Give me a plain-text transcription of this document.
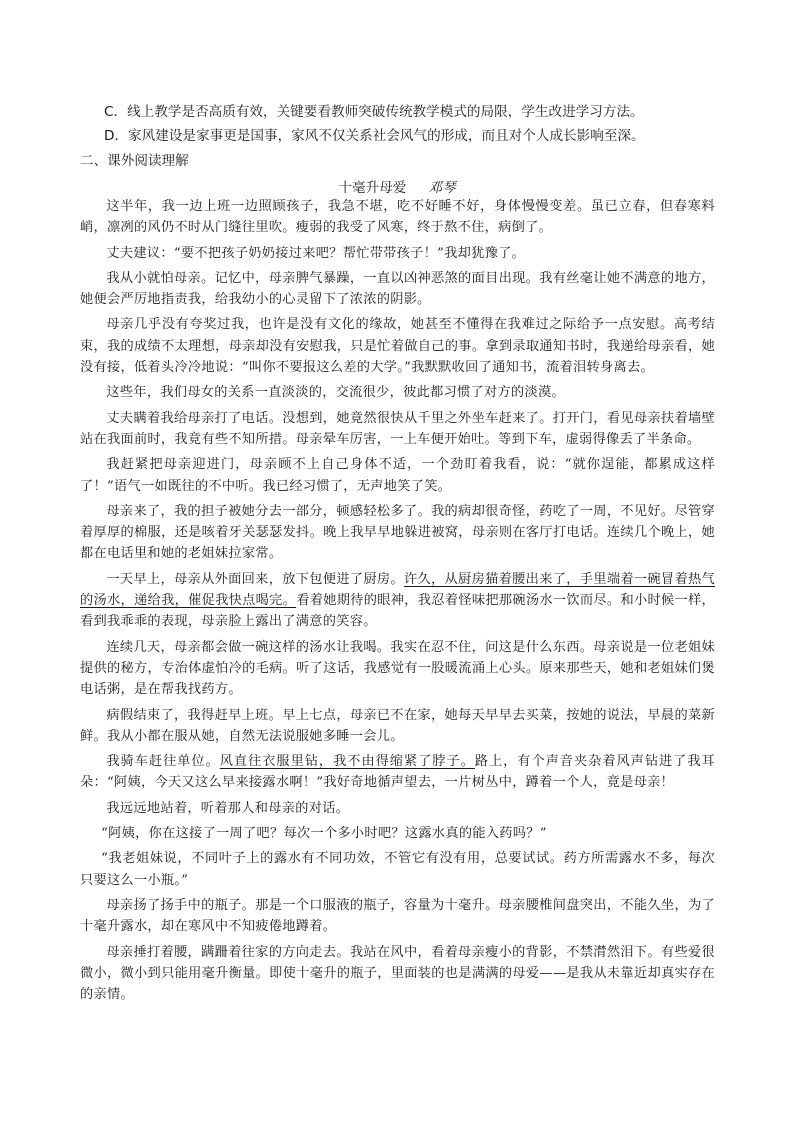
C．线上教学是否高质有效，关键要看教师突破传统教学模式的局限，学生改进学习方法。
D．家风建设是家事更是国事，家风不仅关系社会风气的形成，而且对个人成长影响至深。
二、课外阅读理解
十毫升母爱 邓琴

这半年，我一边上班一边照顾孩子，我急不堪，吃不好睡不好，身体慢慢变差。虽已立春，但春寒料峭，凛冽的风仍不时从门缝往里吹。瘦弱的我受了风寒，终于熬不住，病倒了。

丈夫建议：“要不把孩子奶奶接过来吧？帮忙带带孩子！”我却犹豫了。

我从小就怕母亲。记忆中，母亲脾气暴躁，一直以凶神恶煞的面目出现。我有丝毫让她不满意的地方，她便会严厉地指责我，给我幼小的心灵留下了浓浓的阴影。

母亲几乎没有夸奖过我，也许是没有文化的缘故，她甚至不懂得在我难过之际给予一点安慰。高考结束，我的成绩不太理想，母亲却没有安慰我，只是忙着做自己的事。拿到录取通知书时，我递给母亲看，她没有接，低着头冷冷地说：“叫你不要报这么差的大学。”我默默收回了通知书，流着泪转身离去。

这些年，我们母女的关系一直淡淡的，交流很少，彼此都习惯了对方的淡漠。

丈夫瞒着我给母亲打了电话。没想到，她竟然很快从千里之外坐车赶来了。打开门，看见母亲扶着墙壁站在我面前时，我竟有些不知所措。母亲晕车厉害，一上车便开始吐。等到下车，虚弱得像丢了半条命。

我赶紧把母亲迎进门，母亲顾不上自己身体不适，一个劲盯着我看，说：“就你逞能，都累成这样了！”语气一如既往的不中听。我已经习惯了，无声地笑了笑。

母亲来了，我的担子被她分去一部分，顿感轻松多了。我的病却很奇怪，药吃了一周，不见好。尽管穿着厚厚的棉服，还是咳着牙关瑟瑟发抖。晚上我早早地躲进被窝，母亲则在客厅打电话。连续几个晚上，她都在电话里和她的老姐妹拉家常。

一天早上，母亲从外面回来，放下包便进了厨房。许久，从厨房猫着腰出来了，手里端着一碗冒着热气的汤水，递给我，催促我快点喝完。看着她期待的眼神，我忍着怪味把那碗汤水一饮而尽。和小时候一样，看到我乖乖的表现，母亲脸上露出了满意的笑容。

连续几天，母亲都会做一碗这样的汤水让我喝。我实在忍不住，问这是什么东西。母亲说是一位老姐妹提供的秘方，专治体虚怕冷的毛病。听了这话，我感觉有一股暖流涌上心头。原来那些天，她和老姐妹们煲电话粥，是在帮我找药方。

病假结束了，我得赶早上班。早上七点，母亲已不在家，她每天早早去买菜，按她的说法，早晨的菜新鲜。我从小都在服从她，自然无法说服她多睡一会儿。

我骑车赶往单位。风直往衣服里钻，我不由得缩紧了脖子。路上，有个声音夹杂着风声钻进了我耳朵：“阿姨，今天又这么早来接露水啊！”我好奇地循声望去，一片树丛中，蹲着一个人，竟是母亲！

我远远地站着，听着那人和母亲的对话。

“阿姨，你在这接了一周了吧？每次一个多小时吧？这露水真的能入药吗？”

“我老姐妹说，不同叶子上的露水有不同功效，不管它有没有用，总要试试。药方所需露水不多，每次只要这么一小瓶。”

母亲扬了扬手中的瓶子。那是一个口服液的瓶子，容量为十毫升。母亲腰椎间盘突出，不能久坐，为了十毫升露水，却在寒风中不知疲倦地蹲着。

母亲捶打着腰，蹒跚着往家的方向走去。我站在风中，看着母亲瘦小的背影，不禁潸然泪下。有些爱很微小，微小到只能用毫升衡量。即使十毫升的瓶子，里面装的也是满满的母爱——是我从未靠近却真实存在的亲情。
